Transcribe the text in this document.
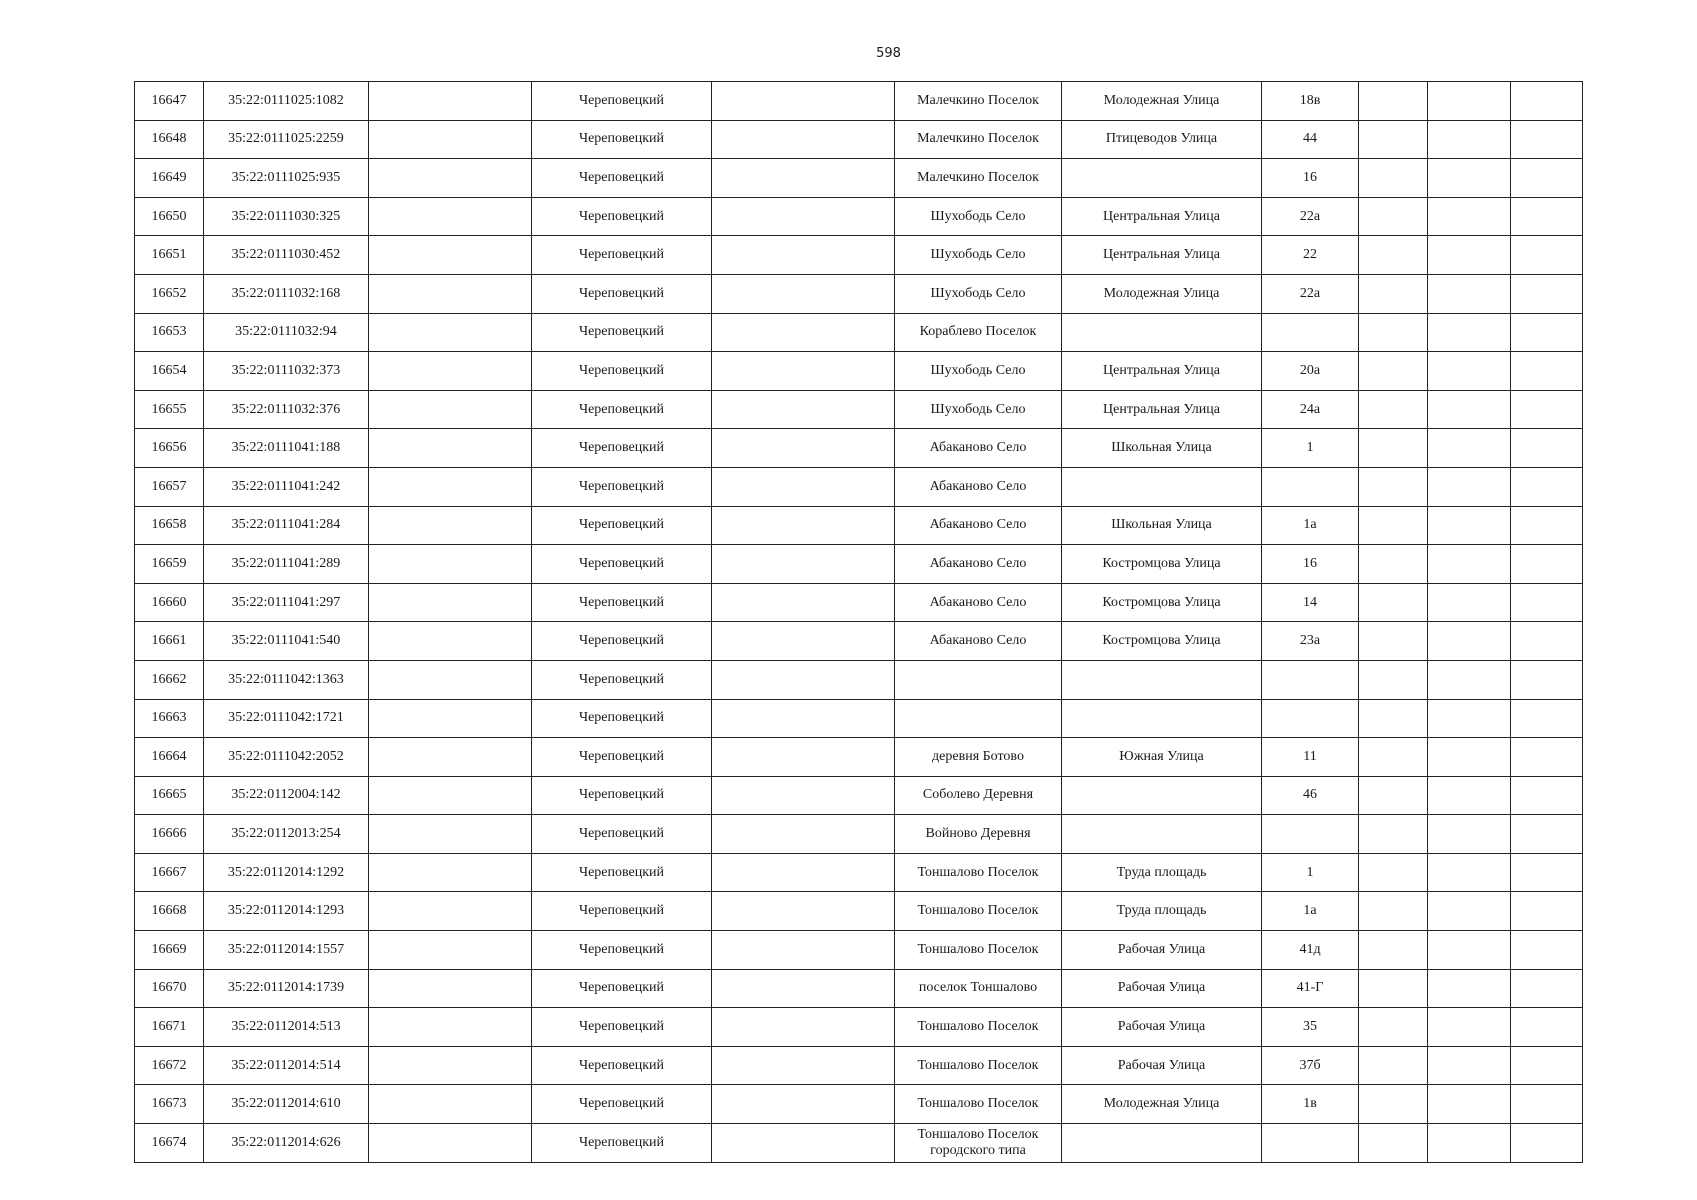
598
16647	35:22:0111025:1082		Череповецкий		Малечкино Поселок	Молодежная Улица	18в			
16648	35:22:0111025:2259		Череповецкий		Малечкино Поселок	Птицеводов Улица	44			
16649	35:22:0111025:935		Череповецкий		Малечкино Поселок		16			
16650	35:22:0111030:325		Череповецкий		Шухободь Село	Центральная Улица	22а			
16651	35:22:0111030:452		Череповецкий		Шухободь Село	Центральная Улица	22			
16652	35:22:0111032:168		Череповецкий		Шухободь Село	Молодежная Улица	22а			
16653	35:22:0111032:94		Череповецкий		Кораблево Поселок					
16654	35:22:0111032:373		Череповецкий		Шухободь Село	Центральная Улица	20а			
16655	35:22:0111032:376		Череповецкий		Шухободь Село	Центральная Улица	24а			
16656	35:22:0111041:188		Череповецкий		Абаканово Село	Школьная Улица	1			
16657	35:22:0111041:242		Череповецкий		Абаканово Село					
16658	35:22:0111041:284		Череповецкий		Абаканово Село	Школьная Улица	1а			
16659	35:22:0111041:289		Череповецкий		Абаканово Село	Костромцова Улица	16			
16660	35:22:0111041:297		Череповецкий		Абаканово Село	Костромцова Улица	14			
16661	35:22:0111041:540		Череповецкий		Абаканово Село	Костромцова Улица	23а			
16662	35:22:0111042:1363		Череповецкий							
16663	35:22:0111042:1721		Череповецкий							
16664	35:22:0111042:2052		Череповецкий		деревня Ботово	Южная Улица	11			
16665	35:22:0112004:142		Череповецкий		Соболево Деревня		46			
16666	35:22:0112013:254		Череповецкий		Войново Деревня					
16667	35:22:0112014:1292		Череповецкий		Тоншалово Поселок	Труда площадь	1			
16668	35:22:0112014:1293		Череповецкий		Тоншалово Поселок	Труда площадь	1а			
16669	35:22:0112014:1557		Череповецкий		Тоншалово Поселок	Рабочая Улица	41д			
16670	35:22:0112014:1739		Череповецкий		поселок Тоншалово	Рабочая Улица	41-Г			
16671	35:22:0112014:513		Череповецкий		Тоншалово Поселок	Рабочая Улица	35			
16672	35:22:0112014:514		Череповецкий		Тоншалово Поселок	Рабочая Улица	37б			
16673	35:22:0112014:610		Череповецкий		Тоншалово Поселок	Молодежная Улица	1в			
16674	35:22:0112014:626		Череповецкий		Тоншалово Поселок городского типа					
